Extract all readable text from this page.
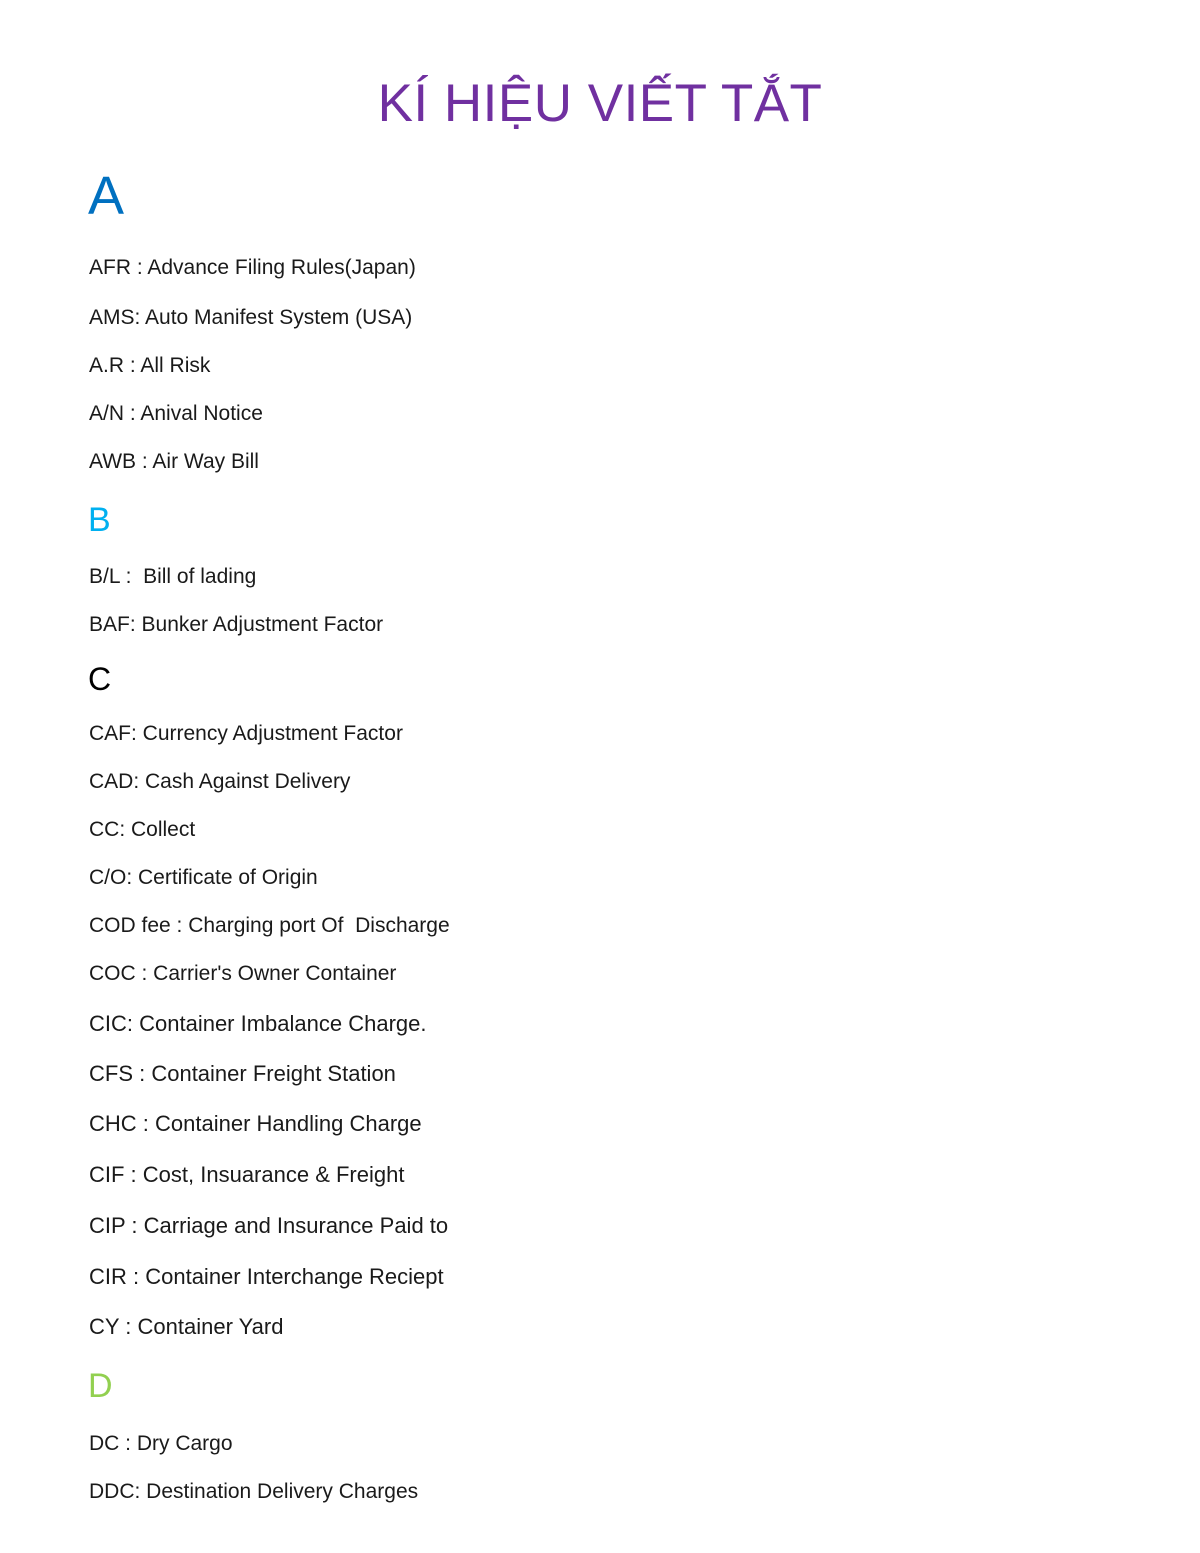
KÍ HIỆU VIẾT TẮT
A

AFR : Advance Filing Rules(Japan)

AMS: Auto Manifest System (USA)

A.R : All Risk

A/N : Anival Notice

AWB : Air Way Bill

B

B/L :  Bill of lading

BAF: Bunker Adjustment Factor

C

CAF: Currency Adjustment Factor

CAD: Cash Against Delivery

CC: Collect

C/O: Certificate of Origin

COD fee : Charging port Of  Discharge

COC : Carrier's Owner Container

CIC: Container Imbalance Charge.

CFS : Container Freight Station

CHC : Container Handling Charge

CIF : Cost, Insuarance & Freight

CIP : Carriage and Insurance Paid to

CIR : Container Interchange Reciept

CY : Container Yard

D

DC : Dry Cargo

DDC: Destination Delivery Charges
